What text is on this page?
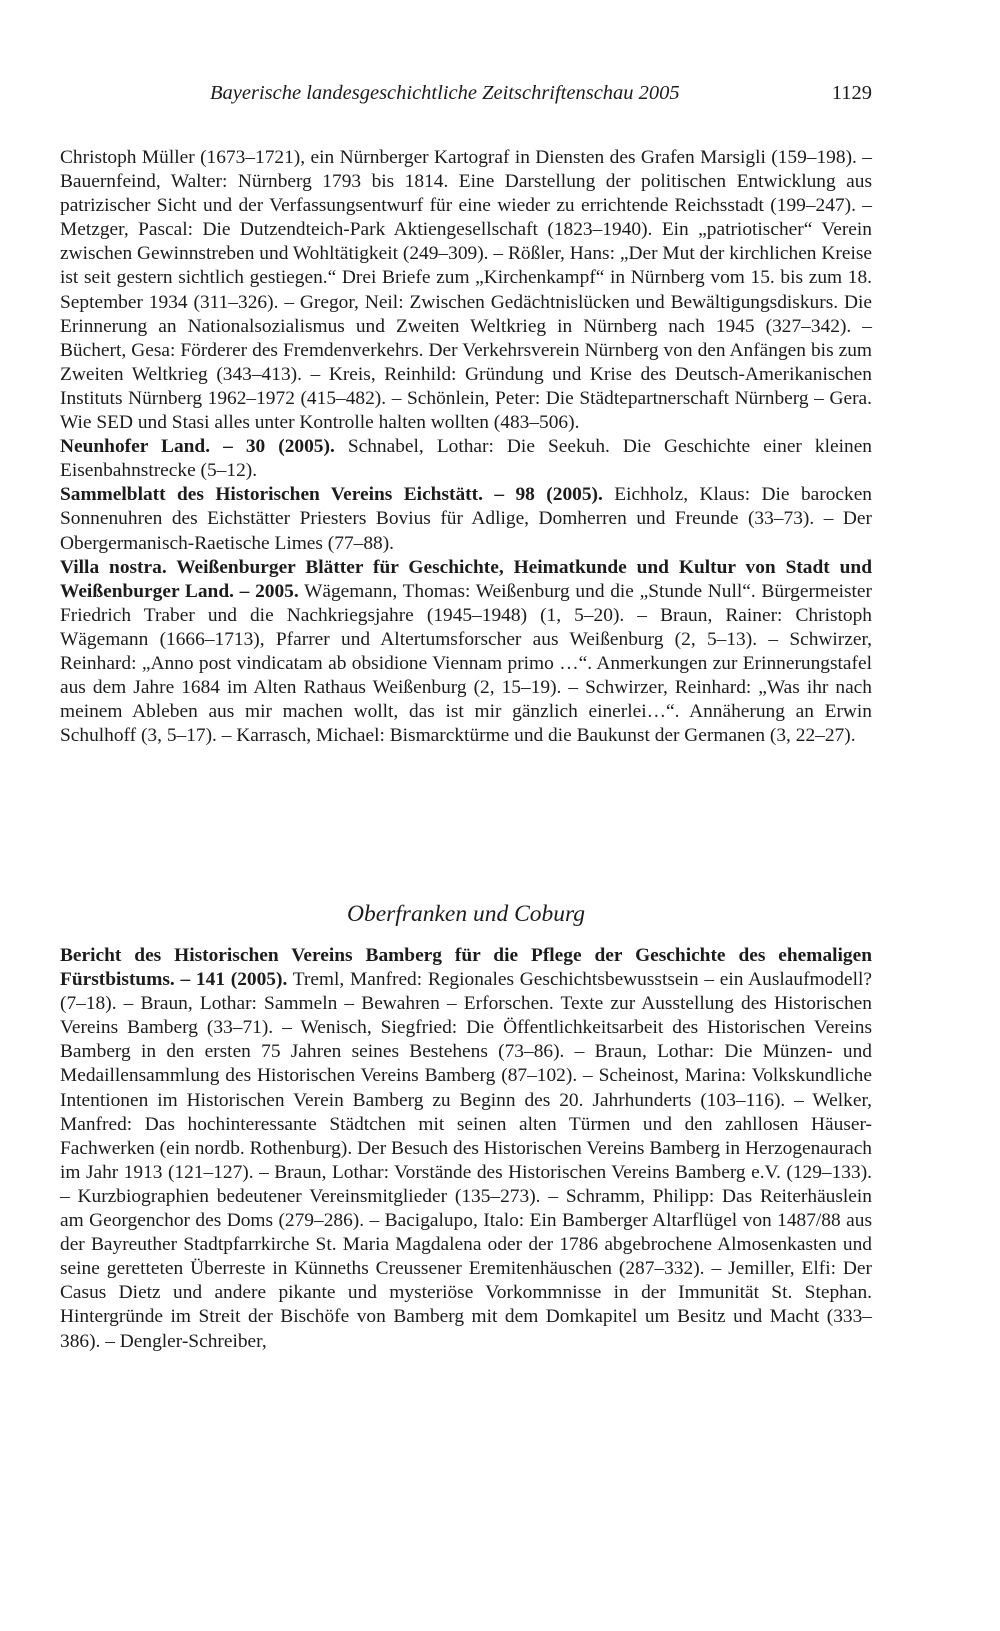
Bayerische landesgeschichtliche Zeitschriftenschau 2005	1129

Christoph Müller (1673–1721), ein Nürnberger Kartograf in Diensten des Grafen Marsigli (159–198). – Bauernfeind, Walter: Nürnberg 1793 bis 1814. Eine Darstellung der politischen Entwicklung aus patrizischer Sicht und der Verfassungsentwurf für eine wieder zu errichtende Reichsstadt (199–247). – Metzger, Pascal: Die Dutzendteich-Park Aktiengesellschaft (1823–1940). Ein „patriotischer“ Verein zwischen Gewinnstreben und Wohltätigkeit (249–309). – Rößler, Hans: „Der Mut der kirchlichen Kreise ist seit gestern sichtlich gestiegen.“ Drei Briefe zum „Kirchenkampf“ in Nürnberg vom 15. bis zum 18. September 1934 (311–326). – Gregor, Neil: Zwischen Gedächtnislücken und Bewältigungsdiskurs. Die Erinnerung an Nationalsozialismus und Zweiten Weltkrieg in Nürnberg nach 1945 (327–342). – Büchert, Gesa: Förderer des Fremdenverkehrs. Der Verkehrsverein Nürnberg von den Anfängen bis zum Zweiten Weltkrieg (343–413). – Kreis, Reinhild: Gründung und Krise des Deutsch-Amerikanischen Instituts Nürnberg 1962–1972 (415–482). – Schönlein, Peter: Die Städtepartnerschaft Nürnberg – Gera. Wie SED und Stasi alles unter Kontrolle halten wollten (483–506).

Neunhofer Land. – 30 (2005). Schnabel, Lothar: Die Seekuh. Die Geschichte einer kleinen Eisenbahnstrecke (5–12).

Sammelblatt des Historischen Vereins Eichstätt. – 98 (2005). Eichholz, Klaus: Die barocken Sonnenuhren des Eichstätter Priesters Bovius für Adlige, Domherren und Freunde (33–73). – Der Obergermanisch-Raetische Limes (77–88).

Villa nostra. Weißenburger Blätter für Geschichte, Heimatkunde und Kultur von Stadt und Weißenburger Land. – 2005. Wägemann, Thomas: Weißenburg und die „Stunde Null“. Bürgermeister Friedrich Traber und die Nachkriegsjahre (1945–1948) (1, 5–20). – Braun, Rainer: Christoph Wägemann (1666–1713), Pfarrer und Altertumsforscher aus Weißenburg (2, 5–13). – Schwirzer, Reinhard: „Anno post vindicatam ab obsidione Viennam primo …“. Anmerkungen zur Erinnerungstafel aus dem Jahre 1684 im Alten Rathaus Weißenburg (2, 15–19). – Schwirzer, Reinhard: „Was ihr nach meinem Ableben aus mir machen wollt, das ist mir gänzlich einerlei…“. Annäherung an Erwin Schulhoff (3, 5–17). – Karrasch, Michael: Bismarcktürme und die Baukunst der Germanen (3, 22–27).

Oberfranken und Coburg

Bericht des Historischen Vereins Bamberg für die Pflege der Geschichte des ehemaligen Fürstbistums. – 141 (2005). Treml, Manfred: Regionales Geschichtsbewusstsein – ein Auslaufmodell? (7–18). – Braun, Lothar: Sammeln – Bewahren – Erforschen. Texte zur Ausstellung des Historischen Vereins Bamberg (33–71). – Wenisch, Siegfried: Die Öffentlichkeitsarbeit des Historischen Vereins Bamberg in den ersten 75 Jahren seines Bestehens (73–86). – Braun, Lothar: Die Münzen- und Medaillensammlung des Historischen Vereins Bamberg (87–102). – Scheinost, Marina: Volkskundliche Intentionen im Historischen Verein Bamberg zu Beginn des 20. Jahrhunderts (103–116). – Welker, Manfred: Das hochinteressante Städtchen mit seinen alten Türmen und den zahllosen Häuser-Fachwerken (ein nordb. Rothenburg). Der Besuch des Historischen Vereins Bamberg in Herzogenaurach im Jahr 1913 (121–127). – Braun, Lothar: Vorstände des Historischen Vereins Bamberg e.V. (129–133). – Kurzbiographien bedeutener Vereinsmitglieder (135–273). – Schramm, Philipp: Das Reiterhäuslein am Georgenchor des Doms (279–286). – Bacigalupo, Italo: Ein Bamberger Altarflügel von 1487/88 aus der Bayreuther Stadtpfarrkirche St. Maria Magdalena oder der 1786 abgebrochene Almosenkasten und seine geretteten Überreste in Künneths Creussener Eremitenhäuschen (287–332). – Jemiller, Elfi: Der Casus Dietz und andere pikante und mysteriöse Vorkommnisse in der Immunität St. Stephan. Hintergründe im Streit der Bischöfe von Bamberg mit dem Domkapitel um Besitz und Macht (333–386). – Dengler-Schreiber,
